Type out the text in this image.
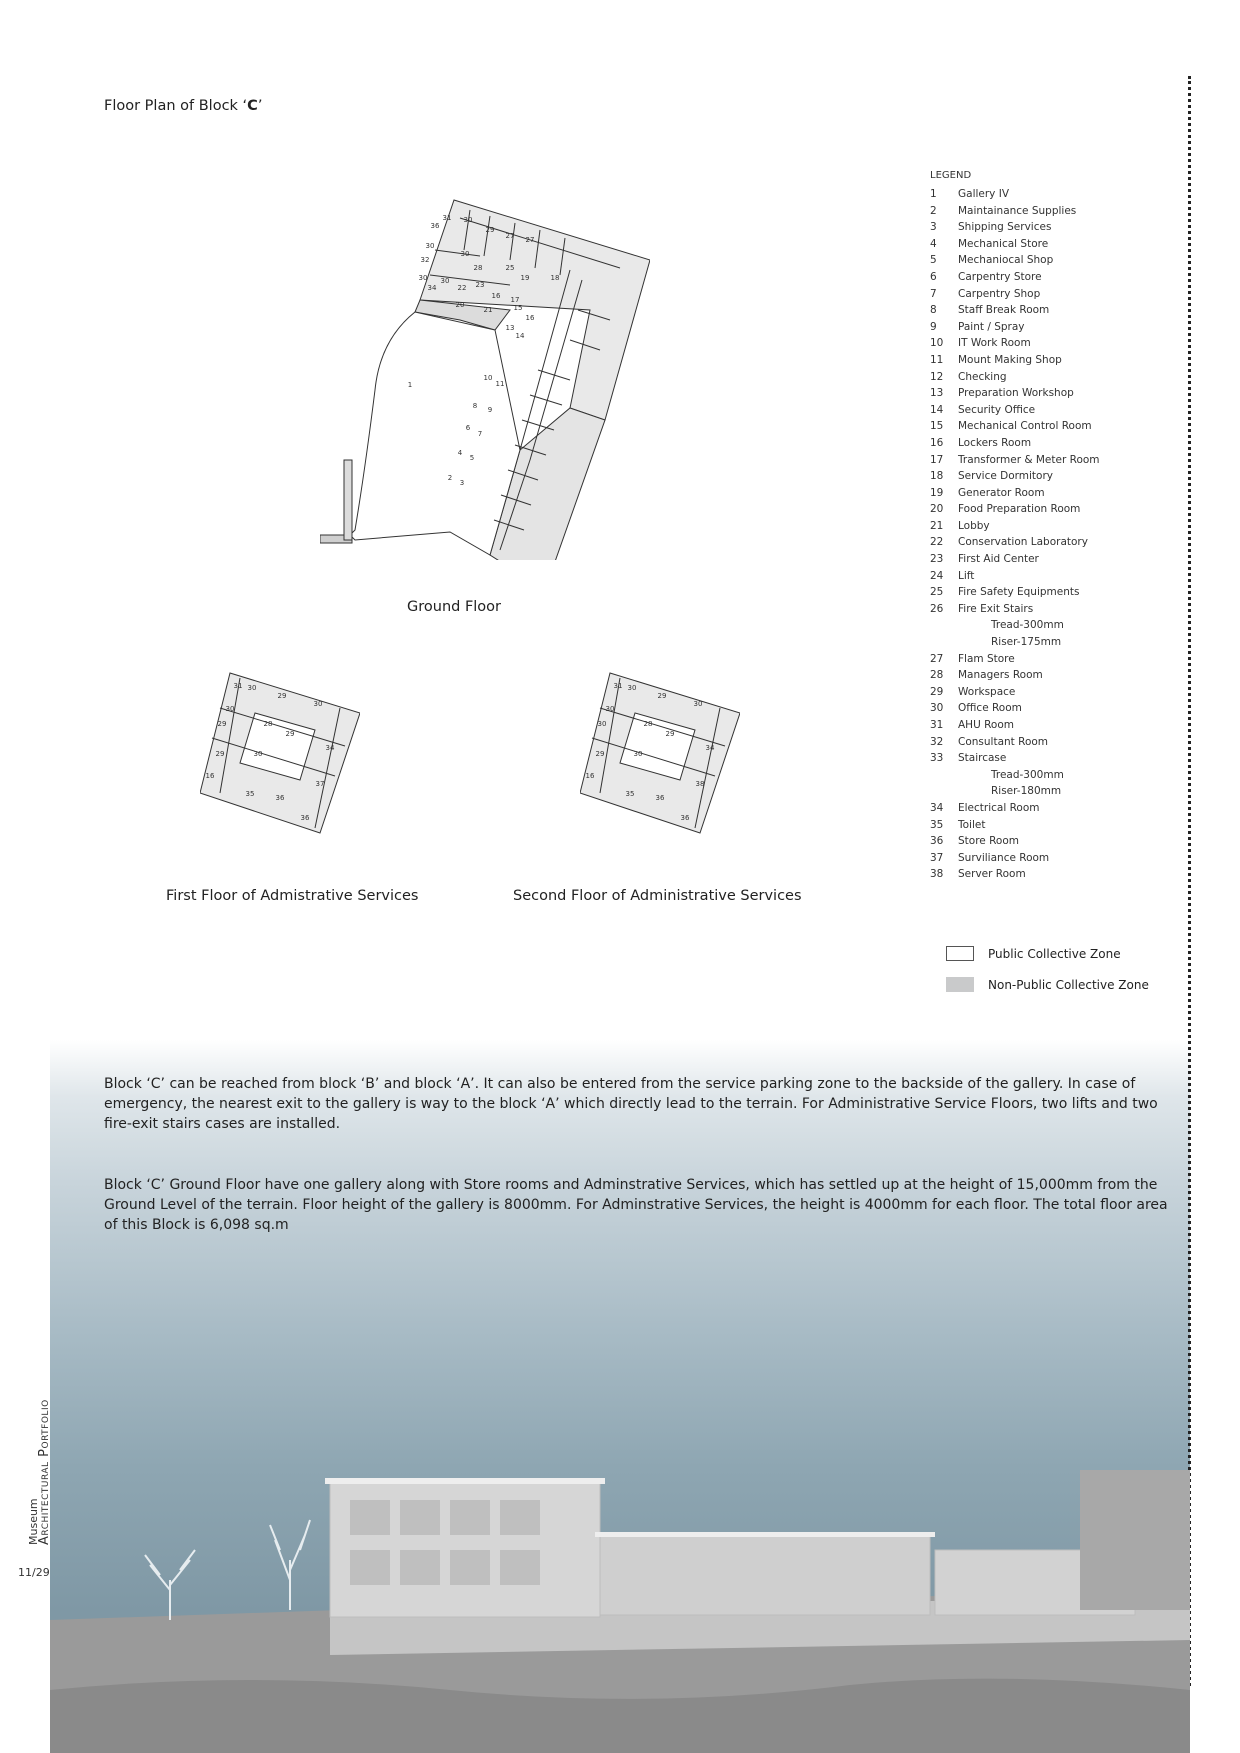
Floor Plan of Block ‘C’
36
31 30
29
27 27
30
32
30
28
30
34
30
22 23
25
19	18
16 17
20
21	15
16
13
14
10
11
8 9
6
7
4
5
2
3
1
Ground Floor
30
31
29
30
30
29	28
29
29	30
34
16
35	36
37
36
First Floor of Admistrative Services
30
31
29
30
30
30	28
29
29	30
34
16
35	36
38
36
Second Floor of Administrative Services
LEGEND
1	Gallery IV
2	Maintainance Supplies
3	Shipping Services
4	Mechanical Store
5	Mechaniocal Shop
6	Carpentry Store
7	Carpentry Shop
8	Staff Break Room
9	Paint / Spray
10	IT Work Room
11	Mount Making Shop
12	Checking
13	Preparation Workshop
14	Security Office
15	Mechanical Control Room
16	Lockers Room
17	Transformer & Meter Room
18	Service Dormitory
19	Generator Room
20	Food Preparation Room
21	Lobby
22	Conservation Laboratory
23	First Aid Center
24	Lift
25	Fire Safety Equipments
26	Fire Exit Stairs
Tread-300mm
Riser-175mm
27	Flam Store
28	Managers Room
29	Workspace
30	Office Room
31	AHU Room
32	Consultant Room
33	Staircase
Tread-300mm
Riser-180mm
34	Electrical Room
35	Toilet
36	Store Room
37	Surviliance Room
38	Server Room
Public Collective Zone
Non-Public Collective Zone
Block ‘C’ can be reached from block ‘B’ and block ‘A’. It can also be entered from the service parking zone to the backside of the gallery. In case of emergency, the nearest exit to the gallery is way to the block ‘A’ which directly lead to the terrain. For Administrative Service Floors, two lifts and two fire-exit stairs cases are installed.
Block ‘C’ Ground Floor have one gallery along with Store rooms and Adminstrative Services, which has settled up at the height of 15,000mm from the Ground Level of the terrain. Floor height of the gallery is 8000mm. For Adminstrative Services, the height is 4000mm for each floor. The total floor area of this Block is 6,098 sq.m
Museum
Architectural Portfolio
11/29
